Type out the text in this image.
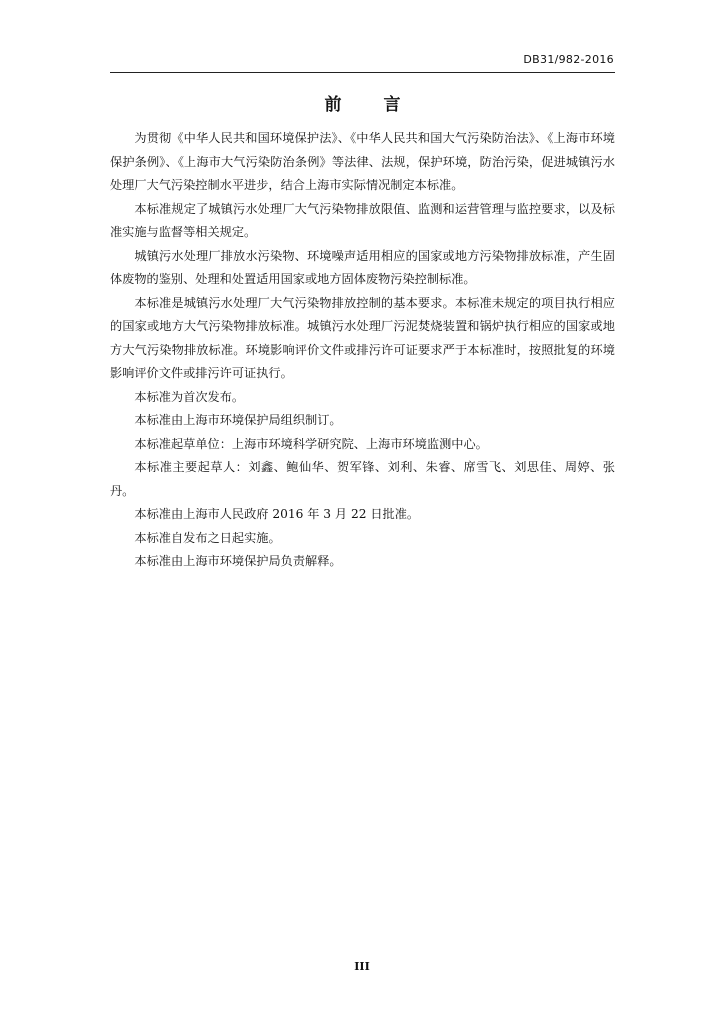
DB31/982-2016
前 言

为贯彻《中华人民共和国环境保护法》、《中华人民共和国大气污染防治法》、《上海市环境保护条例》、《上海市大气污染防治条例》等法律、法规，保护环境，防治污染，促进城镇污水处理厂大气污染控制水平进步，结合上海市实际情况制定本标准。

本标准规定了城镇污水处理厂大气污染物排放限值、监测和运营管理与监控要求，以及标准实施与监督等相关规定。

城镇污水处理厂排放水污染物、环境噪声适用相应的国家或地方污染物排放标准，产生固体废物的鉴别、处理和处置适用国家或地方固体废物污染控制标准。

本标准是城镇污水处理厂大气污染物排放控制的基本要求。本标准未规定的项目执行相应的国家或地方大气污染物排放标准。城镇污水处理厂污泥焚烧装置和锅炉执行相应的国家或地方大气污染物排放标准。环境影响评价文件或排污许可证要求严于本标准时，按照批复的环境影响评价文件或排污许可证执行。

本标准为首次发布。

本标准由上海市环境保护局组织制订。

本标准起草单位：上海市环境科学研究院、上海市环境监测中心。

本标准主要起草人：刘鑫、鲍仙华、贺军锋、刘利、朱睿、席雪飞、刘思佳、周婷、张丹。

本标准由上海市人民政府 2016 年 3 月 22 日批准。

本标准自发布之日起实施。

本标准由上海市环境保护局负责解释。

III
